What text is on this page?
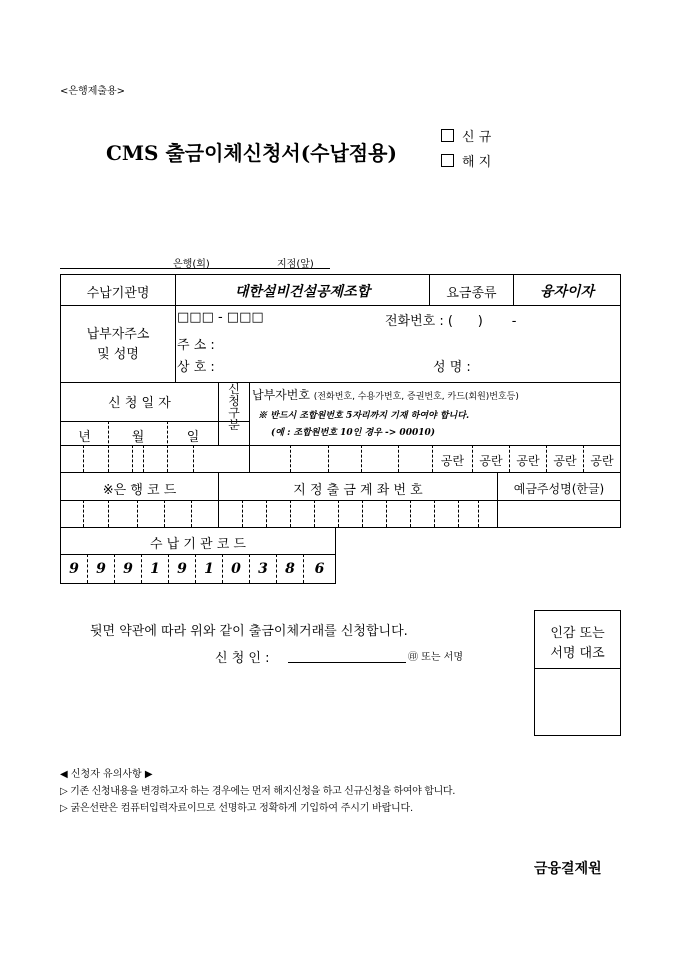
<은행제출용>
CMS 출금이체신청서(수납점용)
신 규
해 지
은행(회)	지점(앞)
수납기관명	대한설비건설공제조합	요금종류	융자이자
납부자주소
및 성명
□□□ - □□□	전화번호 : (      )       -
주 소 :
상 호 :	성 명 :
신 청 일 자
신청구분
납부자번호 (전화번호, 수용가번호, 증권번호, 카드(회원)번호등)
※ 반드시 조합원번호 5자리까지 기재 하여야 합니다.
(예 : 조합원번호 10인 경우 -> 00010)
년	월	일
공란	공란	공란	공란	공란
※은 행 코 드	지 정 출 금 계 좌 번 호	예금주성명(한글)
수 납 기 관 코 드
9	9	9	1	9	1	0	3	8	6
뒷면 약관에 따라 위와 같이 출금이체거래를 신청합니다.
신 청 인 :	㊞ 또는 서명
인감 또는
서명 대조
◀ 신청자 유의사항 ▶
▷ 기존 신청내용을 변경하고자 하는 경우에는 먼저 해지신청을 하고 신규신청을 하여야 합니다.
▷ 굵은선란은 컴퓨터입력자료이므로 선명하고 정확하게 기입하여 주시기 바랍니다.
금융결제원
